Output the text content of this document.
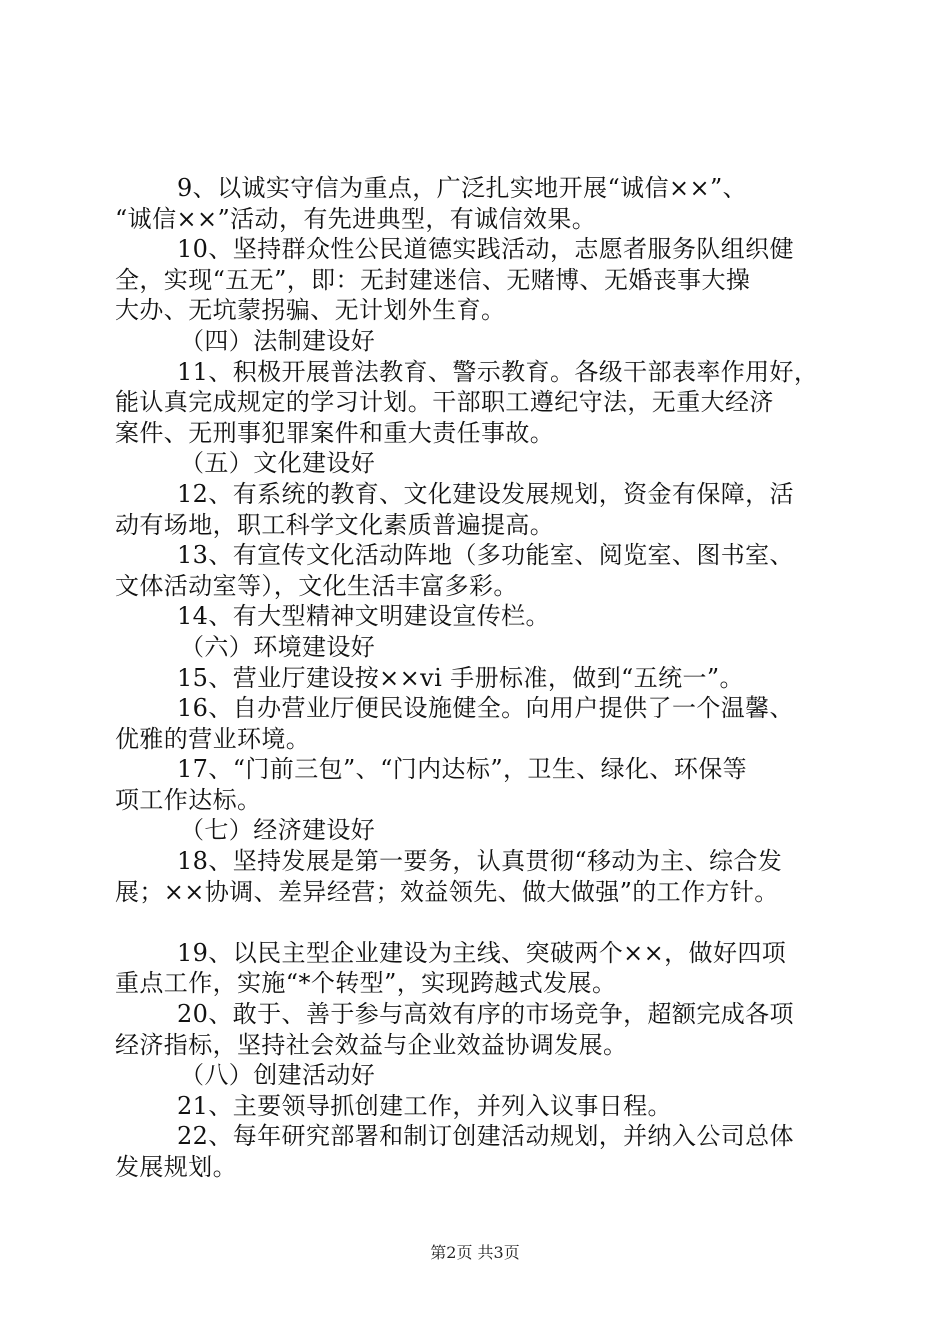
9、以诚实守信为重点，广泛扎实地开展“诚信××”、
“诚信××”活动，有先进典型，有诚信效果。
10、坚持群众性公民道德实践活动，志愿者服务队组织健
全，实现“五无”，即：无封建迷信、无赌博、无婚丧事大操
大办、无坑蒙拐骗、无计划外生育。
（四）法制建设好
11、积极开展普法教育、警示教育。各级干部表率作用好，
能认真完成规定的学习计划。干部职工遵纪守法，无重大经济
案件、无刑事犯罪案件和重大责任事故。
（五）文化建设好
12、有系统的教育、文化建设发展规划，资金有保障，活
动有场地，职工科学文化素质普遍提高。
13、有宣传文化活动阵地（多功能室、阅览室、图书室、
文体活动室等），文化生活丰富多彩。
14、有大型精神文明建设宣传栏。
（六）环境建设好
15、营业厅建设按××vi 手册标准，做到“五统一”。
16、自办营业厅便民设施健全。向用户提供了一个温馨、
优雅的营业环境。
17、“门前三包”、“门内达标”，卫生、绿化、环保等
项工作达标。
（七）经济建设好
18、坚持发展是第一要务，认真贯彻“移动为主、综合发
展；××协调、差异经营；效益领先、做大做强”的工作方针。
19、以民主型企业建设为主线、突破两个××，做好四项
重点工作，实施“*个转型”，实现跨越式发展。
20、敢于、善于参与高效有序的市场竞争，超额完成各项
经济指标，坚持社会效益与企业效益协调发展。
（八）创建活动好
21、主要领导抓创建工作，并列入议事日程。
22、每年研究部署和制订创建活动规划，并纳入公司总体
发展规划。
第2页 共3页
